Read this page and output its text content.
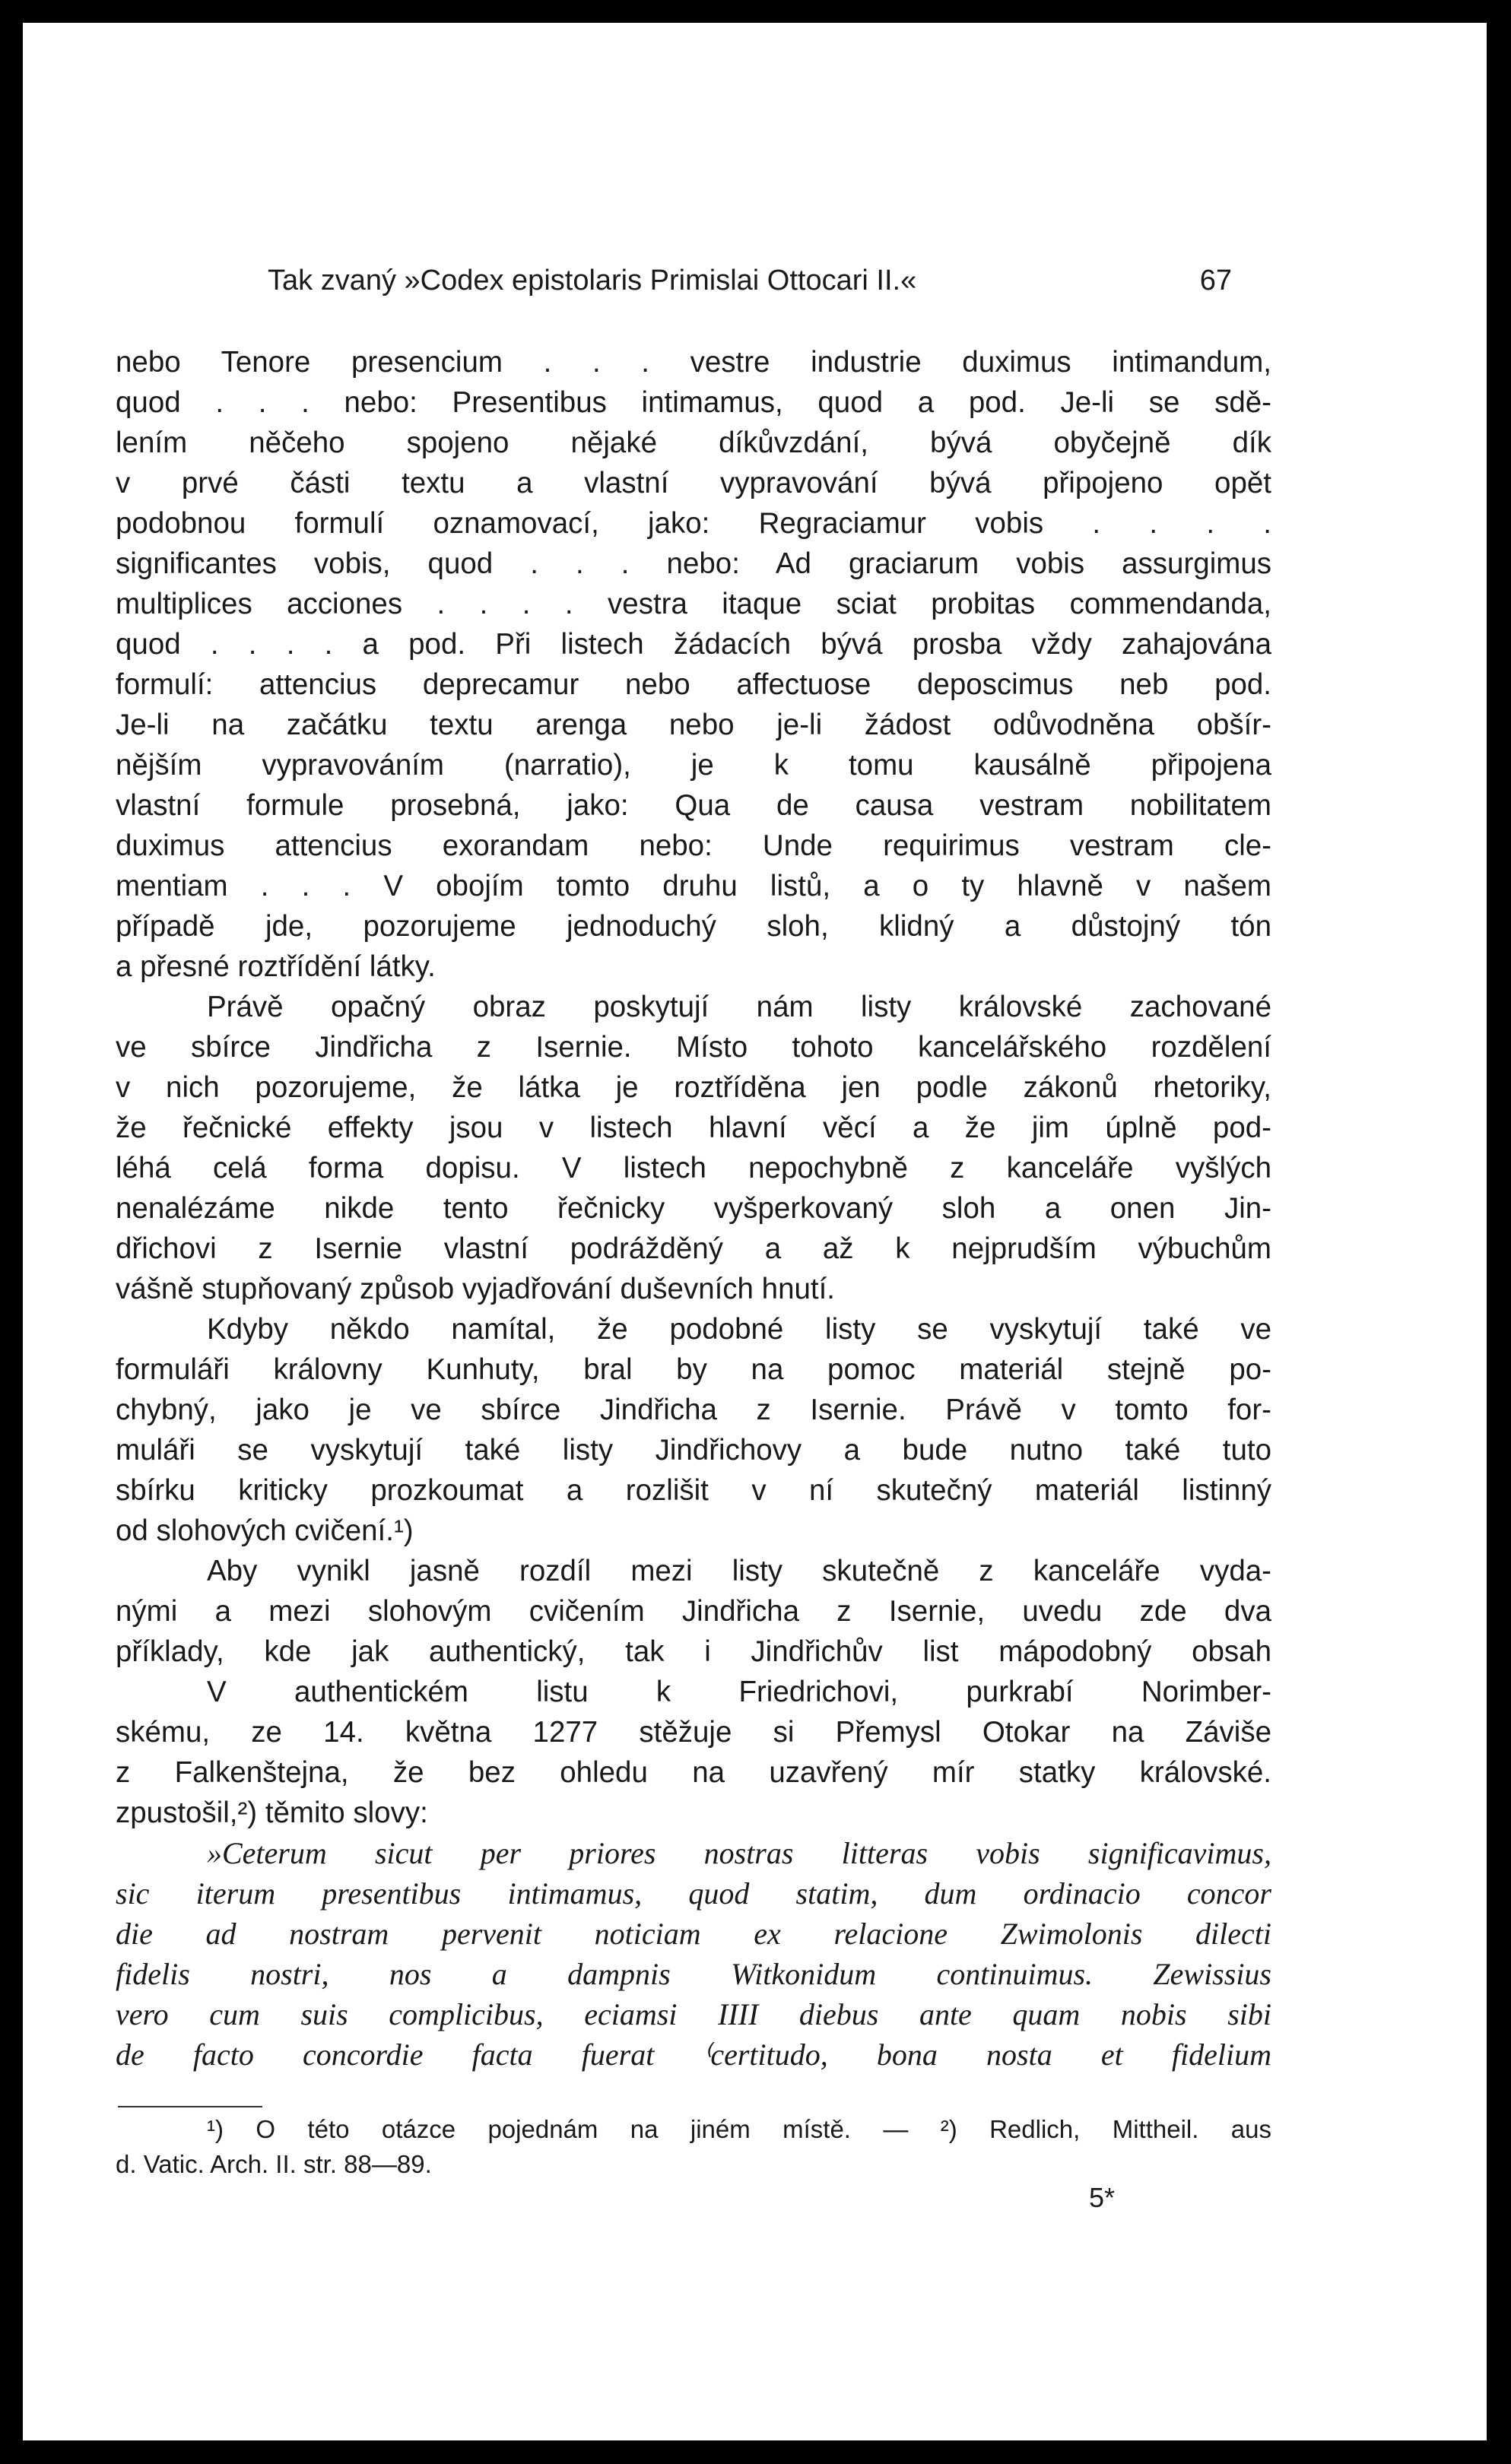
Tak zvaný »Codex epistolaris Primislai Ottocari II.«	67
nebo Tenore presencium . . . vestre industrie duximus intimandum,
quod . . . nebo: Presentibus intimamus, quod a pod. Je-li se sdě-
lením něčeho spojeno nějaké díkůvzdání, bývá obyčejně dík
v prvé části textu a vlastní vypravování bývá připojeno opět
podobnou formulí oznamovací, jako: Regraciamur vobis . . . .
significantes vobis, quod . . . nebo: Ad graciarum vobis assurgimus
multiplices acciones . . . . vestra itaque sciat probitas commendanda,
quod . . . . a pod. Při listech žádacích bývá prosba vždy zahajována
formulí: attencius deprecamur nebo affectuose deposcimus neb pod.
Je-li na začátku textu arenga nebo je-li žádost odůvodněna obšír-
nějším vypravováním (narratio), je k tomu kausálně připojena
vlastní formule prosebná, jako: Qua de causa vestram nobilitatem
duximus attencius exorandam nebo: Unde requirimus vestram cle-
mentiam . . . V obojím tomto druhu listů, a o ty hlavně v našem
případě jde, pozorujeme jednoduchý sloh, klidný a důstojný tón
a přesné roztřídění látky.
Právě opačný obraz poskytují nám listy královské zachované
ve sbírce Jindřicha z Isernie. Místo tohoto kancelářského rozdělení
v nich pozorujeme, že látka je roztříděna jen podle zákonů rhetoriky,
že řečnické effekty jsou v listech hlavní věcí a že jim úplně pod-
léhá celá forma dopisu. V listech nepochybně z kanceláře vyšlých
nenalézáme nikde tento řečnicky vyšperkovaný sloh a onen Jin-
dřichovi z Isernie vlastní podrážděný a až k nejprudším výbuchům
vášně stupňovaný způsob vyjadřování duševních hnutí.
Kdyby někdo namítal, že podobné listy se vyskytují také ve
formuláři královny Kunhuty, bral by na pomoc materiál stejně po-
chybný, jako je ve sbírce Jindřicha z Isernie. Právě v tomto for-
muláři se vyskytují také listy Jindřichovy a bude nutno také tuto
sbírku kriticky prozkoumat a rozlišit v ní skutečný materiál listinný
od slohových cvičení.¹)
Aby vynikl jasně rozdíl mezi listy skutečně z kanceláře vyda-
nými a mezi slohovým cvičením Jindřicha z Isernie, uvedu zde dva
příklady, kde jak authentický, tak i Jindřichův list mápodobný obsah
V authentickém listu k Friedrichovi, purkrabí Norimber-
skému, ze 14. května 1277 stěžuje si Přemysl Otokar na Záviše
z Falkenštejna, že bez ohledu na uzavřený mír statky královské.
zpustošil,²) těmito slovy:
»Ceterum sicut per priores nostras litteras vobis significavimus,
sic iterum presentibus intimamus, quod statim, dum ordinacio concor
die ad nostram pervenit noticiam ex relacione Zwimolonis dilecti
fidelis nostri, nos a dampnis Witkonidum continuimus. Zewissius
vero cum suis complicibus, eciamsi IIII diebus ante quam nobis sibi
de facto concordie facta fuerat ⁽certitudo, bona nosta et fidelium
¹) O této otázce pojednám na jiném místě. — ²) Redlich, Mittheil. aus
d. Vatic. Arch. II. str. 88—89.
5*
